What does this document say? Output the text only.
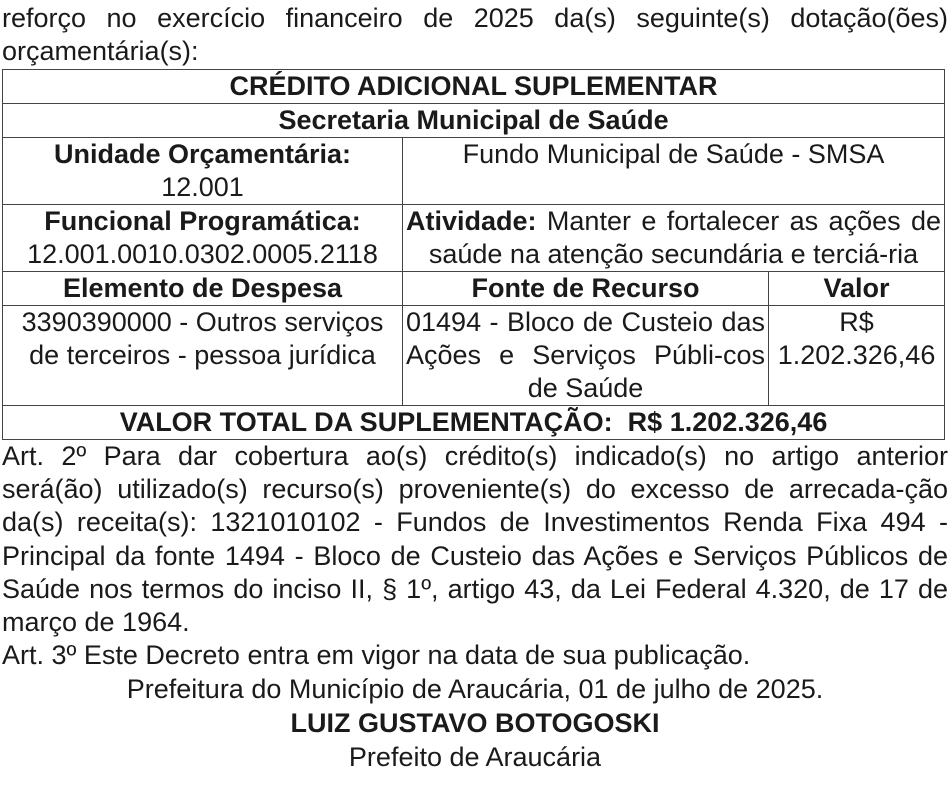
reforço no exercício financeiro de 2025 da(s) seguinte(s) dotação(ões) orçamentária(s):

CRÉDITO ADICIONAL SUPLEMENTAR		
Secretaria Municipal de Saúde		

Unidade Orçamentária:
12.001	Fundo Municipal de Saúde - SMSA	

Funcional Programática:
12.001.0010.0302.0005.2118	Atividade: Manter e fortalecer as ações de saúde na atenção secundária e terciá-ria	
Elemento de Despesa	Fonte de Recurso	Valor
3390390000 - Outros serviços de terceiros - pessoa jurídica	01494 - Bloco de Custeio das Ações e Serviços Públi-cos de Saúde	R$
1.202.326,46

VALOR TOTAL DA SUPLEMENTAÇÃO:  R$ 1.202.326,46		

Art. 2º Para dar cobertura ao(s) crédito(s) indicado(s) no artigo anterior será(ão) utilizado(s) recurso(s) proveniente(s) do excesso de arrecada-ção da(s) receita(s): 1321010102 - Fundos de Investimentos Renda Fixa 494 - Principal da fonte 1494 - Bloco de Custeio das Ações e Serviços Públicos de Saúde nos termos do inciso II, § 1º, artigo 43, da Lei Federal 4.320, de 17 de março de 1964.

Art. 3º Este Decreto entra em vigor na data de sua publicação.

Prefeitura do Município de Araucária, 01 de julho de 2025.

LUIZ GUSTAVO BOTOGOSKI

Prefeito de Araucária
